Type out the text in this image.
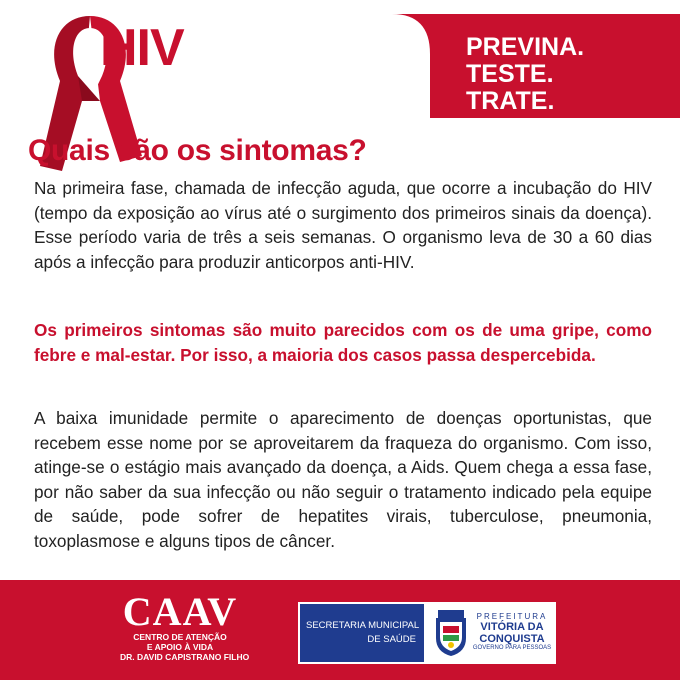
HIVAIDS	PREVINA.
TESTE.
TRATE.
Quais são os sintomas?
Na primeira fase, chamada de infecção aguda, que ocorre a incubação do HIV (tempo da exposição ao vírus até o surgimento dos primeiros sinais da doença). Esse período varia de três a seis semanas. O organismo leva de 30 a 60 dias após a infecção para produzir anticorpos anti-HIV.
Os primeiros sintomas são muito parecidos com os de uma gripe, como febre e mal-estar. Por isso, a maioria dos casos passa despercebida.
A baixa imunidade permite o aparecimento de doenças oportunistas, que recebem esse nome por se aproveitarem da fraqueza do organismo. Com isso, atinge-se o estágio mais avançado da doença, a Aids. Quem chega a essa fase, por não saber da sua infecção ou não seguir o tratamento indicado pela equipe de saúde, pode sofrer de hepatites virais, tuberculose, pneumonia, toxoplasmose e alguns tipos de câncer.
CAAV
CENTRO DE ATENÇÃO
E APOIO À VIDA
DR. DAVID CAPISTRANO FILHO
SECRETARIA MUNICIPAL
DE SAÚDE
PREFEITURA
VITÓRIA DA
CONQUISTA
GOVERNO PARA PESSOAS
